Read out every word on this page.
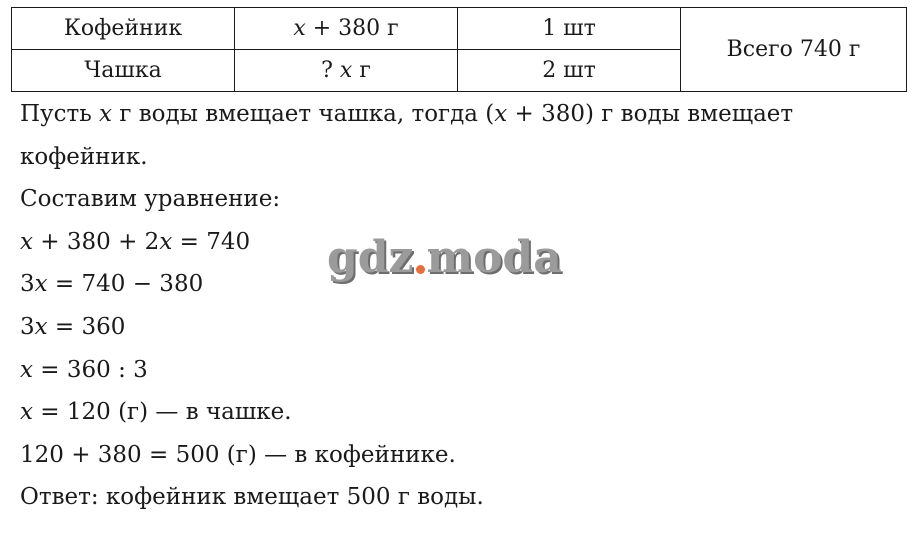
Кофейник	x + 380 г	1 шт	Всего 740 г
Чашка	? x г	2 шт	
Пусть x г воды вмещает чашка, тогда (x + 380) г воды вмещает
кофейник.
Составим уравнение:
x + 380 + 2x = 740
3x = 740 − 380
3x = 360
x = 360 : 3
x = 120 (г) — в чашке.
120 + 380 = 500 (г) — в кофейнике.
Ответ: кофейник вмещает 500 г воды.
gdz moda
